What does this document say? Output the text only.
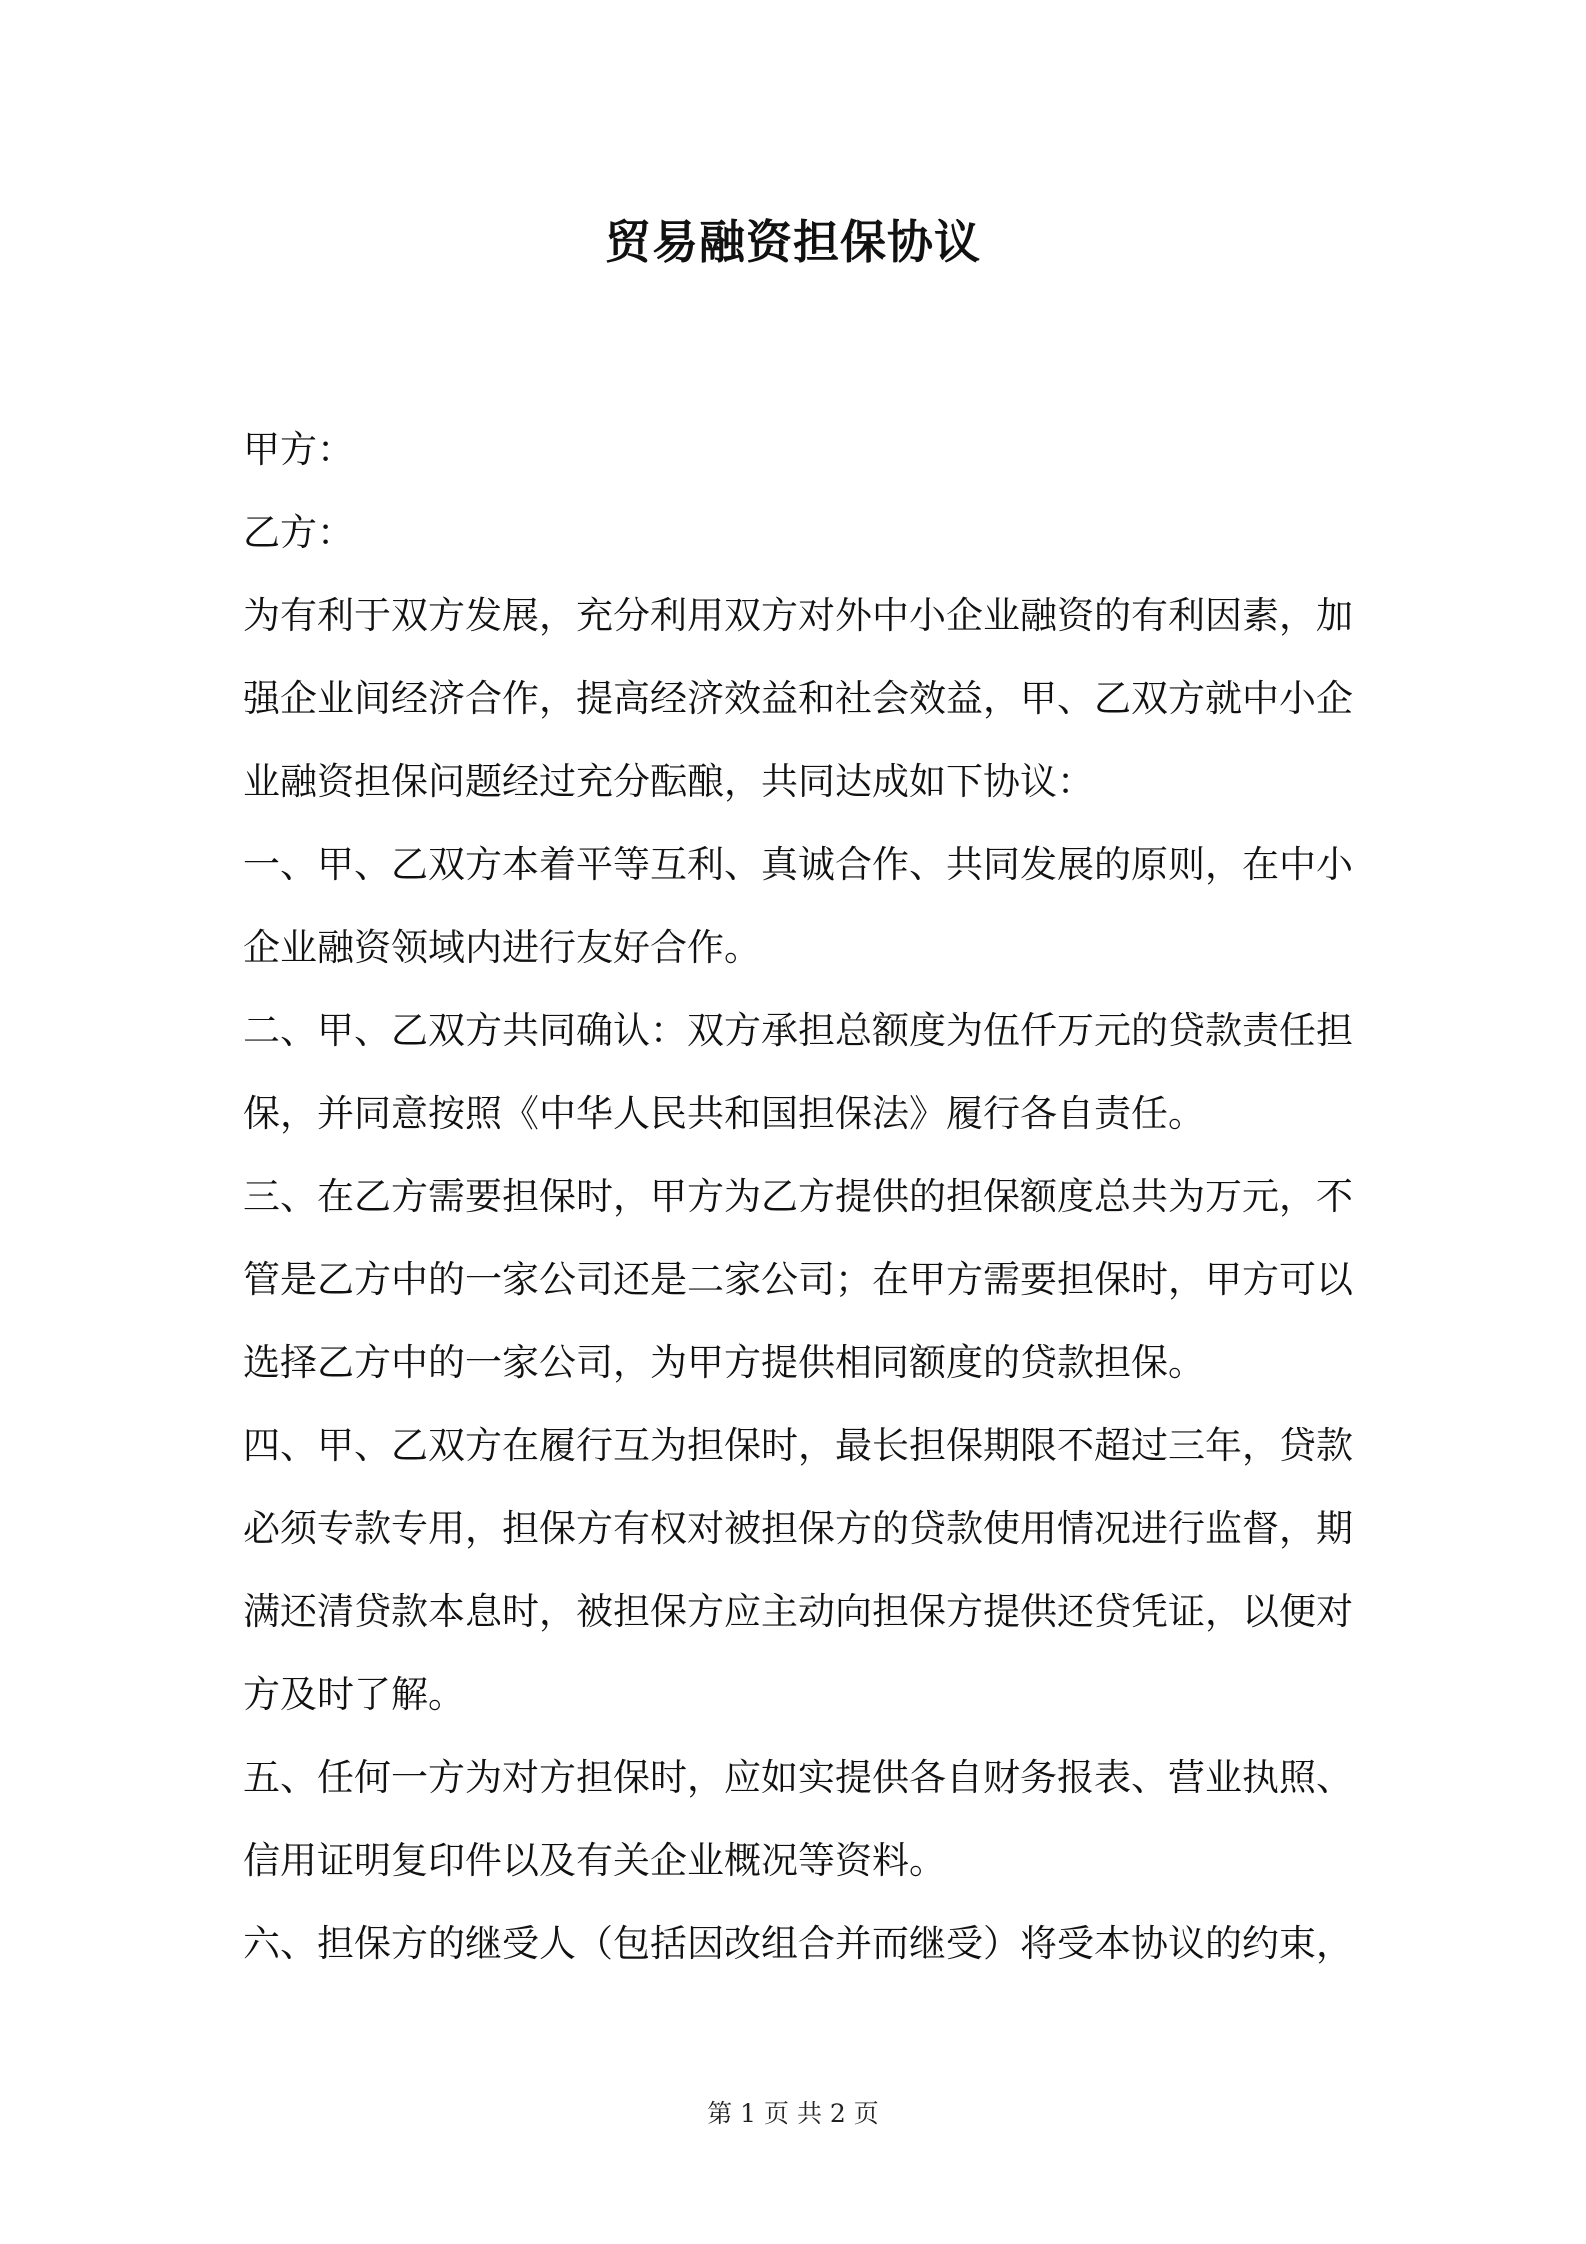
贸易融资担保协议

甲方：

乙方：

为有利于双方发展，充分利用双方对外中小企业融资的有利因素，加强企业间经济合作，提高经济效益和社会效益，甲、乙双方就中小企业融资担保问题经过充分酝酿，共同达成如下协议：

一、甲、乙双方本着平等互利、真诚合作、共同发展的原则，在中小企业融资领域内进行友好合作。

二、甲、乙双方共同确认：双方承担总额度为伍仟万元的贷款责任担保，并同意按照《中华人民共和国担保法》履行各自责任。

三、在乙方需要担保时，甲方为乙方提供的担保额度总共为万元，不管是乙方中的一家公司还是二家公司；在甲方需要担保时，甲方可以选择乙方中的一家公司，为甲方提供相同额度的贷款担保。

四、甲、乙双方在履行互为担保时，最长担保期限不超过三年，贷款必须专款专用，担保方有权对被担保方的贷款使用情况进行监督，期满还清贷款本息时，被担保方应主动向担保方提供还贷凭证，以便对方及时了解。

五、任何一方为对方担保时，应如实提供各自财务报表、营业执照、信用证明复印件以及有关企业概况等资料。

六、担保方的继受人（包括因改组合并而继受）将受本协议的约束，

第 1 页 共 2 页
